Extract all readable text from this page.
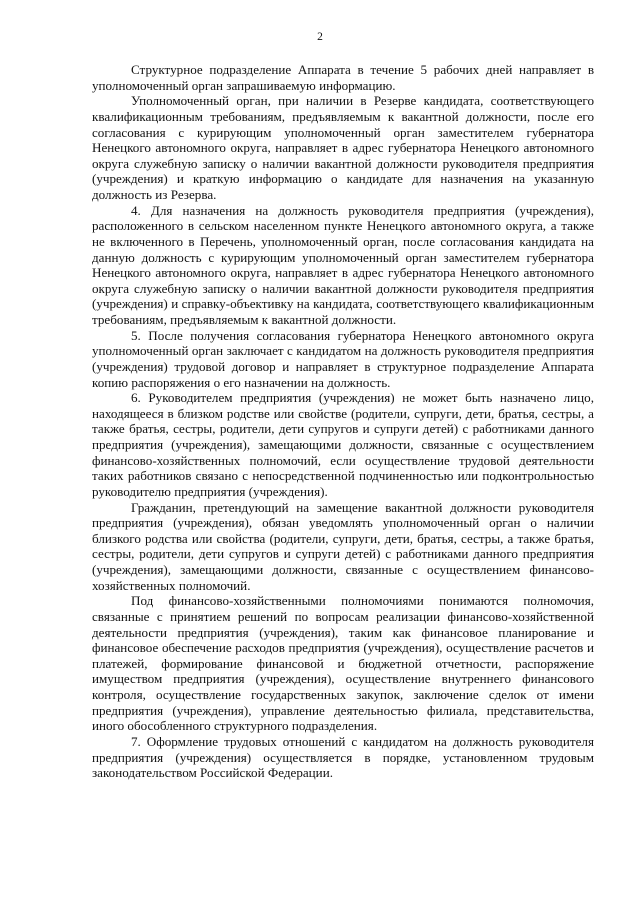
2

Структурное подразделение Аппарата в течение 5 рабочих дней направляет в уполномоченный орган запрашиваемую информацию.

Уполномоченный орган, при наличии в Резерве кандидата, соответствующего квалификационным требованиям, предъявляемым к вакантной должности, после его согласования с курирующим уполномоченный орган заместителем губернатора Ненецкого автономного округа, направляет в адрес губернатора Ненецкого автономного округа служебную записку о наличии вакантной должности руководителя предприятия (учреждения) и краткую информацию о кандидате для назначения на указанную должность из Резерва.

4. Для назначения на должность руководителя предприятия (учреждения), расположенного в сельском населенном пункте Ненецкого автономного округа, а также не включенного в Перечень, уполномоченный орган, после согласования кандидата на данную должность с курирующим уполномоченный орган заместителем губернатора Ненецкого автономного округа, направляет в адрес губернатора Ненецкого автономного округа служебную записку о наличии вакантной должности руководителя предприятия (учреждения) и справку-объективку на кандидата, соответствующего квалификационным требованиям, предъявляемым к вакантной должности.

5. После получения согласования губернатора Ненецкого автономного округа уполномоченный орган заключает с кандидатом на должность руководителя предприятия (учреждения) трудовой договор и направляет в структурное подразделение Аппарата копию распоряжения о его назначении на должность.

6. Руководителем предприятия (учреждения) не может быть назначено лицо, находящееся в близком родстве или свойстве (родители, супруги, дети, братья, сестры, а также братья, сестры, родители, дети супругов и супруги детей) с работниками данного предприятия (учреждения), замещающими должности, связанные с осуществлением финансово-хозяйственных полномочий, если осуществление трудовой деятельности таких работников связано с непосредственной подчиненностью или подконтрольностью руководителю предприятия (учреждения).

Гражданин, претендующий на замещение вакантной должности руководителя предприятия (учреждения), обязан уведомлять уполномоченный орган о наличии близкого родства или свойства (родители, супруги, дети, братья, сестры, а также братья, сестры, родители, дети супругов и супруги детей) с работниками данного предприятия (учреждения), замещающими должности, связанные с осуществлением финансово-хозяйственных полномочий.

Под финансово-хозяйственными полномочиями понимаются полномочия, связанные с принятием решений по вопросам реализации финансово-хозяйственной деятельности предприятия (учреждения), таким как финансовое планирование и финансовое обеспечение расходов предприятия (учреждения), осуществление расчетов и платежей, формирование финансовой и бюджетной отчетности, распоряжение имуществом предприятия (учреждения), осуществление внутреннего финансового контроля, осуществление государственных закупок, заключение сделок от имени предприятия (учреждения), управление деятельностью филиала, представительства, иного обособленного структурного подразделения.

7. Оформление трудовых отношений с кандидатом на должность руководителя предприятия (учреждения) осуществляется в порядке, установленном трудовым законодательством Российской Федерации.
